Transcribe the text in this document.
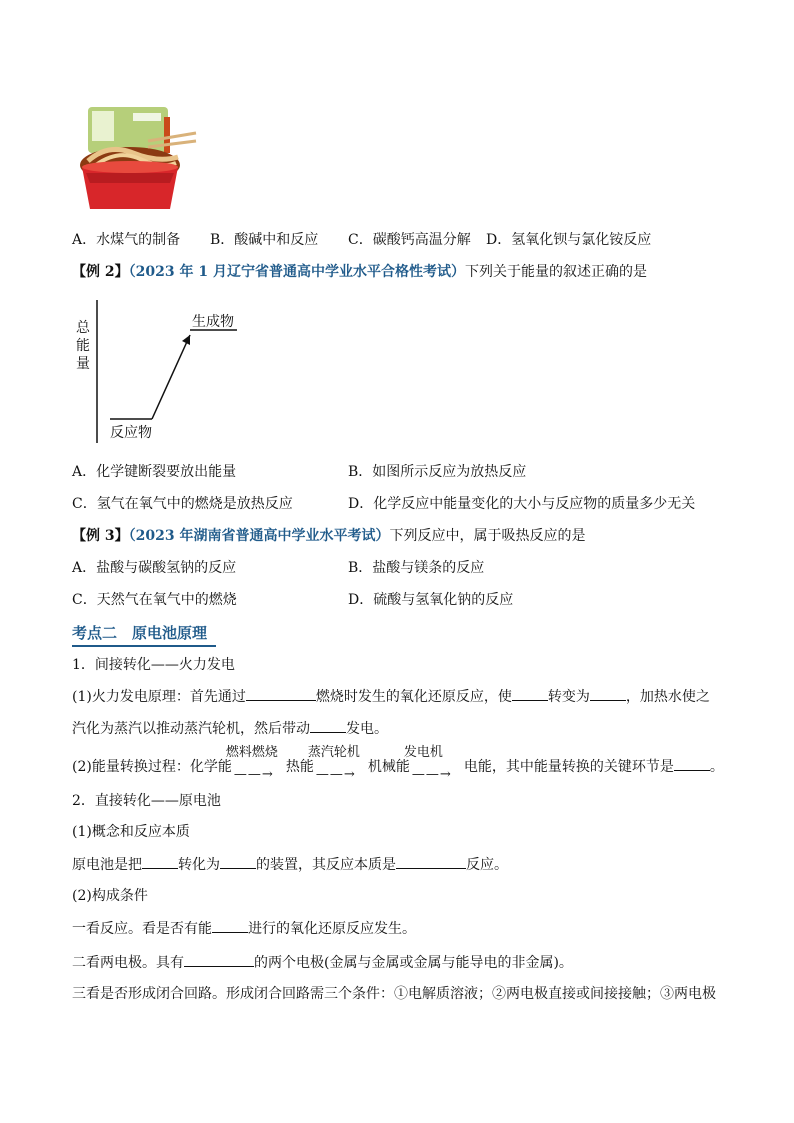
A．水煤气的制备 B．酸碱中和反应 C．碳酸钙高温分解 D．氢氧化钡与氯化铵反应
【例 2】（2023 年 1 月辽宁省普通高中学业水平合格性考试）下列关于能量的叙述正确的是
总
能
量
生成物
反应物
A．化学键断裂要放出能量	B．如图所示反应为放热反应
C．氢气在氧气中的燃烧是放热反应	D．化学反应中能量变化的大小与反应物的质量多少无关
【例 3】（2023 年湖南省普通高中学业水平考试）下列反应中，属于吸热反应的是
A．盐酸与碳酸氢钠的反应	B．盐酸与镁条的反应
C．天然气在氧气中的燃烧	D．硫酸与氢氧化钠的反应
考点二　原电池原理
1．间接转化——火力发电
(1)火力发电原理：首先通过	燃烧时发生的氧化还原反应，使	转变为	，加热水使之
汽化为蒸汽以推动蒸汽轮机，然后带动	发电。
(2)能量转换过程：化学能
燃料燃烧
——→ 热能
蒸汽轮机
——→ 机械能
发电机
——→ 电能，其中能量转换的关键环节是	。
2．直接转化——原电池
(1)概念和反应本质
原电池是把	转化为	的装置，其反应本质是	反应。
(2)构成条件
一看反应。看是否有能	进行的氧化还原反应发生。
二看两电极。具有	的两个电极(金属与金属或金属与能导电的非金属)。
三看是否形成闭合回路。形成闭合回路需三个条件：①电解质溶液；②两电极直接或间接接触；③两电极
